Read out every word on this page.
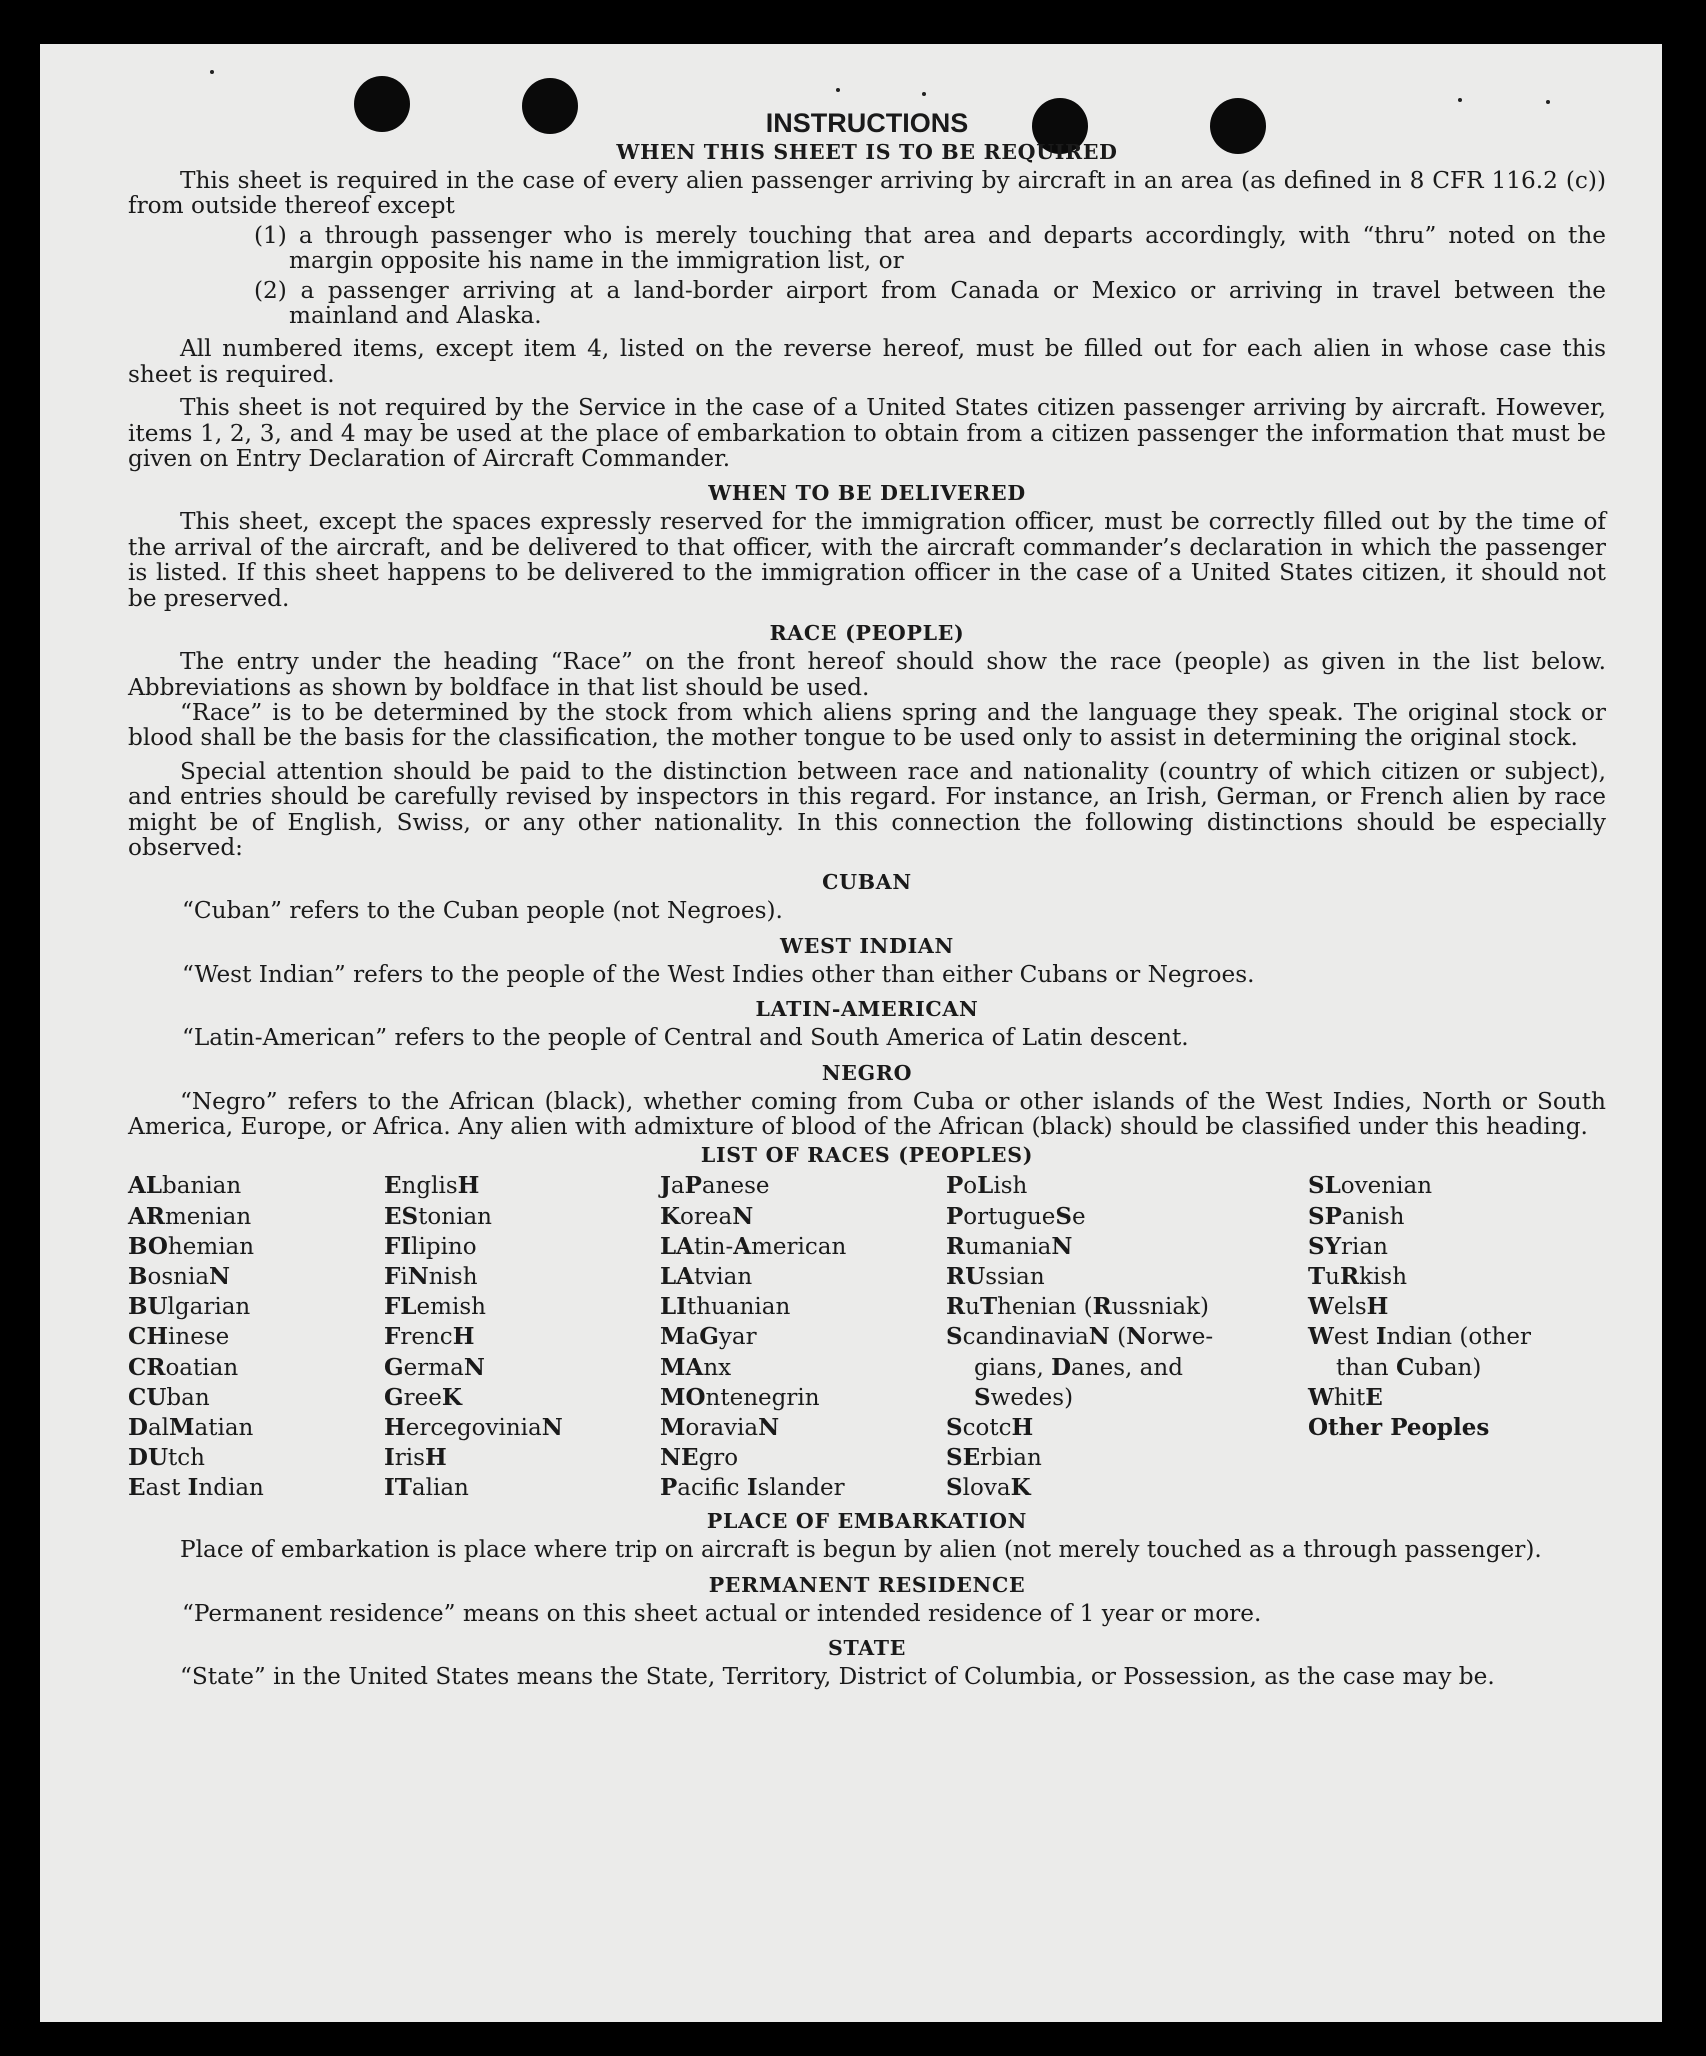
INSTRUCTIONS
WHEN THIS SHEET IS TO BE REQUIRED

This sheet is required in the case of every alien passenger arriving by aircraft in an area (as defined in 8 CFR 116.2 (c)) from outside thereof except

(1) a through passenger who is merely touching that area and departs accordingly, with “thru” noted on the margin opposite his name in the immigration list, or

(2) a passenger arriving at a land-border airport from Canada or Mexico or arriving in travel between the mainland and Alaska.

All numbered items, except item 4, listed on the reverse hereof, must be filled out for each alien in whose case this sheet is required.

This sheet is not required by the Service in the case of a United States citizen passenger arriving by aircraft. However, items 1, 2, 3, and 4 may be used at the place of embarkation to obtain from a citizen passenger the information that must be given on Entry Declaration of Aircraft Commander.

WHEN TO BE DELIVERED

This sheet, except the spaces expressly reserved for the immigration officer, must be correctly filled out by the time of the arrival of the aircraft, and be delivered to that officer, with the aircraft commander’s declaration in which the passenger is listed. If this sheet happens to be delivered to the immigration officer in the case of a United States citizen, it should not be preserved.

RACE (PEOPLE)

The entry under the heading “Race” on the front hereof should show the race (people) as given in the list below. Abbreviations as shown by boldface in that list should be used.

“Race” is to be determined by the stock from which aliens spring and the language they speak. The original stock or blood shall be the basis for the classification, the mother tongue to be used only to assist in determining the original stock.

Special attention should be paid to the distinction between race and nationality (country of which citizen or subject), and entries should be carefully revised by inspectors in this regard. For instance, an Irish, German, or French alien by race might be of English, Swiss, or any other nationality. In this connection the following distinctions should be especially observed:

CUBAN

“Cuban” refers to the Cuban people (not Negroes).

WEST INDIAN

“West Indian” refers to the people of the West Indies other than either Cubans or Negroes.

LATIN-AMERICAN

“Latin-American” refers to the people of Central and South America of Latin descent.

NEGRO

“Negro” refers to the African (black), whether coming from Cuba or other islands of the West Indies, North or South America, Europe, or Africa. Any alien with admixture of blood of the African (black) should be classified under this heading.

LIST OF RACES (PEOPLES)
ALbanian
ARmenian
BOhemian
BosniaN
BUlgarian
CHinese
CRoatian
CUban
DalMatian
DUtch
East Indian
EnglisH
EStonian
FIlipino
FiNnish
FLemish
FrencH
GermaN
GreeK
HercegoviniaN
IrisH
ITalian
JaPanese
KoreaN
LAtin-American
LAtvian
LIthuanian
MaGyar
MAnx
MOntenegrin
MoraviaN
NEgro
Pacifc Islander
PoLish
PortugueSe
RumaniaN
RUssian
RuThenian (Russniak)
ScandinaviaN (Norwe-
gians, Danes, and
Swedes)
ScotcH
SErbian
SlovaK
SLovenian
SPanish
SYrian
TuRkish
WelsH
West Indian (other
than Cuban)
WhitE
Other Peoples
PLACE OF EMBARKATION

Place of embarkation is place where trip on aircraft is begun by alien (not merely touched as a through passenger).

PERMANENT RESIDENCE

“Permanent residence” means on this sheet actual or intended residence of 1 year or more.

STATE

“State” in the United States means the State, Territory, District of Columbia, or Possession, as the case may be.
